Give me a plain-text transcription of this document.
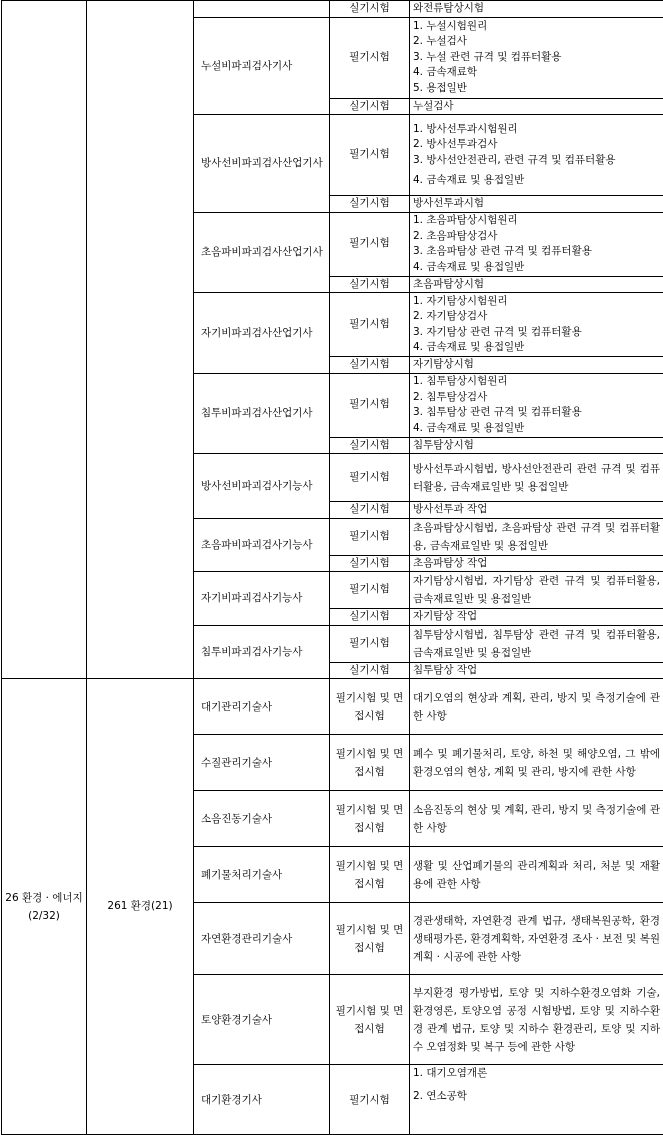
			실기시험	와전류탐상시험
		누설비파괴검사기사	필기시험	1. 누설시험원리
2. 누설검사
3. 누설 관련 규격 및 컴퓨터활용
4. 금속재료학
5. 용접일반

			실기시험	누설검사
		방사선비파괴검사산업기사	필기시험	1. 방사선투과시험원리
2. 방사선투과검사
3. 방사선안전관리, 관련 규격 및 컴퓨터활용
4. 금속재료 및 용접일반

			실기시험	방사선투과시험
		초음파비파괴검사산업기사	필기시험	1. 초음파탐상시험원리
2. 초음파탐상검사
3. 초음파탐상 관련 규격 및 컴퓨터활용
4. 금속재료 및 용접일반

			실기시험	초음파탐상시험
		자기비파괴검사산업기사	필기시험	1. 자기탐상시험원리
2. 자기탐상검사
3. 자기탐상 관련 규격 및 컴퓨터활용
4. 금속재료 및 용접일반

			실기시험	자기탐상시험
		침투비파괴검사산업기사	필기시험	1. 침투탐상시험원리
2. 침투탐상검사
3. 침투탐상 관련 규격 및 컴퓨터활용
4. 금속재료 및 용접일반

			실기시험	침투탐상시험
		방사선비파괴검사기능사	필기시험	방사선투과시험법, 방사선안전관리 관련 규격 및 컴퓨터활용, 금속재료일반 및 용접일반
			실기시험	방사선투과 작업
		초음파비파괴검사기능사	필기시험	초음파탐상시험법, 초음파탐상 관련 규격 및 컴퓨터활용, 금속재료일반 및 용접일반
			실기시험	초음파탐상 작업
		자기비파괴검사기능사	필기시험	자기탐상시험법, 자기탐상 관련 규격 및 컴퓨터활용, 금속재료일반 및 용접일반
			실기시험	자기탐상 작업
		침투비파괴검사기능사	필기시험	침투탐상시험법, 침투탐상 관련 규격 및 컴퓨터활용, 금속재료일반 및 용접일반
			실기시험	침투탐상 작업
26 환경 · 에너지 (2/32)	261 환경(21)	대기관리기술사	필기시험 및 면접시험	대기오염의 현상과 계획, 관리, 방지 및 측정기술에 관한 사항
		수질관리기술사	필기시험 및 면접시험	폐수 및 폐기물처리, 토양, 하천 및 해양오염, 그 밖에 환경오염의 현상, 계획 및 관리, 방지에 관한 사항
		소음진동기술사	필기시험 및 면접시험	소음진동의 현상 및 계획, 관리, 방지 및 측정기술에 관한 사항
		폐기물처리기술사	필기시험 및 면접시험	생활 및 산업폐기물의 관리계획과 처리, 처분 및 재활용에 관한 사항
		자연환경관리기술사	필기시험 및 면접시험	경관생태학, 자연환경 관계 법규, 생태복원공학, 환경생태평가론, 환경계획학, 자연환경 조사 · 보전 및 복원계획 · 시공에 관한 사항
		토양환경기술사	필기시험 및 면접시험	부지환경 평가방법, 토양 및 지하수환경오염화 기술, 환경영론, 토양오염 공정 시험방법, 토양 및 지하수환경 관계 법규, 토양 및 지하수 환경관리, 토양 및 지하수 오염정화 및 복구 등에 관한 사항
		대기환경기사	필기시험	1. 대기오염개론
2. 연소공학
